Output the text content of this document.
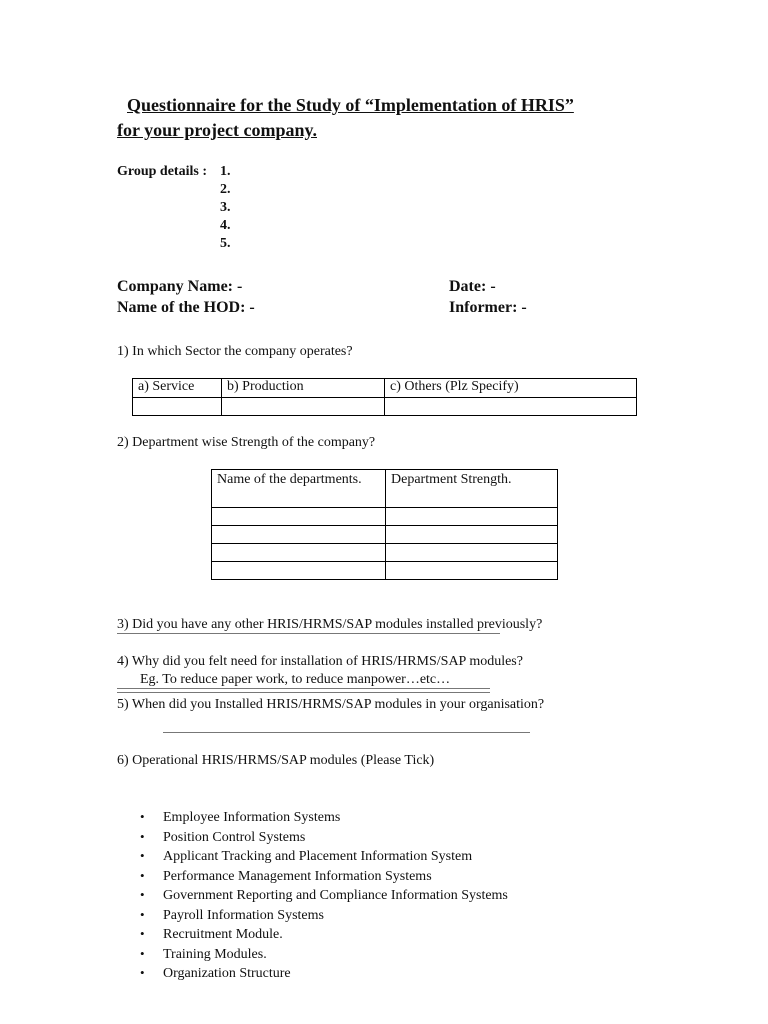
Questionnaire for the Study of “Implementation of HRIS”
for your project company.
Group details : 1.
2.
3.
4.
5.
Company Name: -	Date: -
Name of the HOD: -	Informer: -
1) In which Sector the company operates?
a) Service	b) Production	c) Others (Plz Specify)

2) Department wise Strength of the company?
Name of the departments.	Department Strength.

3) Did you have any other HRIS/HRMS/SAP modules installed previously?
4) Why did you felt need for installation of HRIS/HRMS/SAP modules?
Eg. To reduce paper work, to reduce manpower…etc…
5) When did you Installed HRIS/HRMS/SAP modules in your organisation?
6) Operational HRIS/HRMS/SAP modules (Please Tick)
• Employee Information Systems
• Position Control Systems
• Applicant Tracking and Placement Information System
• Performance Management Information Systems
• Government Reporting and Compliance Information Systems
• Payroll Information Systems
• Recruitment Module.
• Training Modules.
• Organization Structure
